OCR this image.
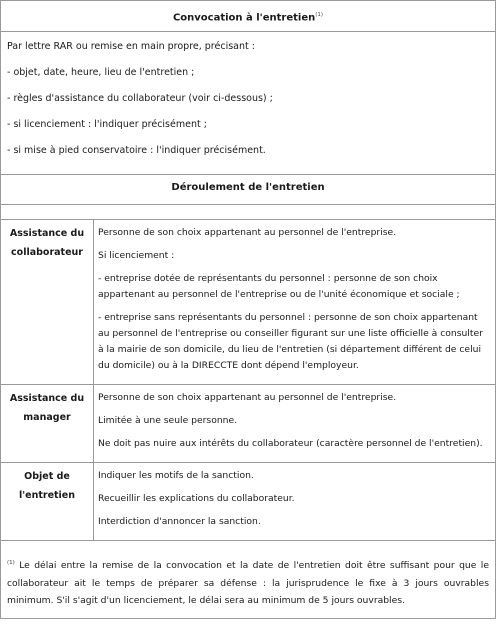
Convocation à l'entretien$^{(1)}$

Par lettre RAR ou remise en main propre, précisant :

- objet, date, heure, lieu de l'entretien ;

- règles d'assistance du collaborateur (voir ci-dessous) ;

- si licenciement : l'indiquer précisément ;

- si mise à pied conservatoire : l'indiquer précisément.

Déroulement de l'entretien
Assistance du collaborateur	Personne de son choix appartenant au personnel de l'entreprise.

Si licenciement :

- entreprise dotée de représentants du personnel : personne de son choix appartenant au personnel de l'entreprise ou de l'unité économique et sociale ;

- entreprise sans représentants du personnel : personne de son choix appartenant au personnel de l'entreprise ou conseiller figurant sur une liste officielle à consulter à la mairie de son domicile, du lieu de l'entretien (si département différent de celui du domicile) ou à la DIRECCTE dont dépend l'employeur.

Assistance du manager	Personne de son choix appartenant au personnel de l'entreprise.

Limitée à une seule personne.

Ne doit pas nuire aux intérêts du collaborateur (caractère personnel de l'entretien).

Objet de l'entretien	Indiquer les motifs de la sanction.

Recueillir les explications du collaborateur.

Interdiction d'annoncer la sanction.

$^{(1)}$ Le délai entre la remise de la convocation et la date de l'entretien doit être suffisant pour que le collaborateur ait le temps de préparer sa défense : la jurisprudence le fixe à 3 jours ouvrables minimum. S'il s'agit d'un licenciement, le délai sera au minimum de 5 jours ouvrables.
